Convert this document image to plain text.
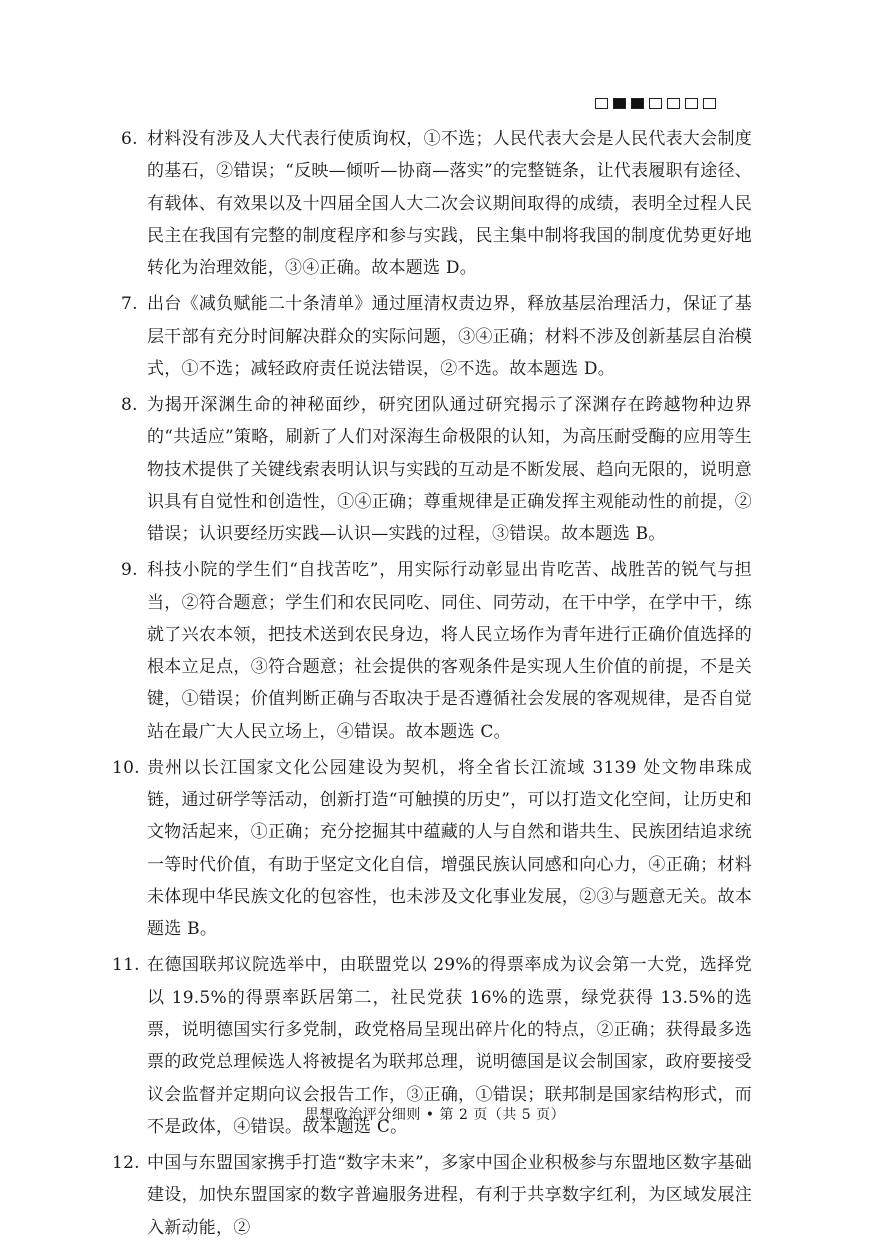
6. 材料没有涉及人大代表行使质询权，①不选；人民代表大会是人民代表大会制度的基石，②错误；“反映—倾听—协商—落实”的完整链条，让代表履职有途径、有载体、有效果以及十四届全国人大二次会议期间取得的成绩，表明全过程人民民主在我国有完整的制度程序和参与实践，民主集中制将我国的制度优势更好地转化为治理效能，③④正确。故本题选 D。
7. 出台《减负赋能二十条清单》通过厘清权责边界，释放基层治理活力，保证了基层干部有充分时间解决群众的实际问题，③④正确；材料不涉及创新基层自治模式，①不选；减轻政府责任说法错误，②不选。故本题选 D。
8. 为揭开深渊生命的神秘面纱，研究团队通过研究揭示了深渊存在跨越物种边界的“共适应”策略，刷新了人们对深海生命极限的认知，为高压耐受酶的应用等生物技术提供了关键线索表明认识与实践的互动是不断发展、趋向无限的，说明意识具有自觉性和创造性，①④正确；尊重规律是正确发挥主观能动性的前提，②错误；认识要经历实践—认识—实践的过程，③错误。故本题选 B。
9. 科技小院的学生们“自找苦吃”，用实际行动彰显出肯吃苦、战胜苦的锐气与担当，②符合题意；学生们和农民同吃、同住、同劳动，在干中学，在学中干，练就了兴农本领，把技术送到农民身边，将人民立场作为青年进行正确价值选择的根本立足点，③符合题意；社会提供的客观条件是实现人生价值的前提，不是关键，①错误；价值判断正确与否取决于是否遵循社会发展的客观规律，是否自觉站在最广大人民立场上，④错误。故本题选 C。
10. 贵州以长江国家文化公园建设为契机，将全省长江流域 3139 处文物串珠成链，通过研学等活动，创新打造“可触摸的历史”，可以打造文化空间，让历史和文物活起来，①正确；充分挖掘其中蕴藏的人与自然和谐共生、民族团结追求统一等时代价值，有助于坚定文化自信，增强民族认同感和向心力，④正确；材料未体现中华民族文化的包容性，也未涉及文化事业发展，②③与题意无关。故本题选 B。
11. 在德国联邦议院选举中，由联盟党以 29%的得票率成为议会第一大党，选择党以 19.5%的得票率跃居第二，社民党获 16%的选票，绿党获得 13.5%的选票，说明德国实行多党制，政党格局呈现出碎片化的特点，②正确；获得最多选票的政党总理候选人将被提名为联邦总理，说明德国是议会制国家，政府要接受议会监督并定期向议会报告工作，③正确，①错误；联邦制是国家结构形式，而不是政体，④错误。故本题选 C。
12. 中国与东盟国家携手打造“数字未来”，多家中国企业积极参与东盟地区数字基础建设，加快东盟国家的数字普遍服务进程，有利于共享数字红利，为区域发展注入新动能，②
思想政治评分细则 • 第 2 页（共 5 页）
